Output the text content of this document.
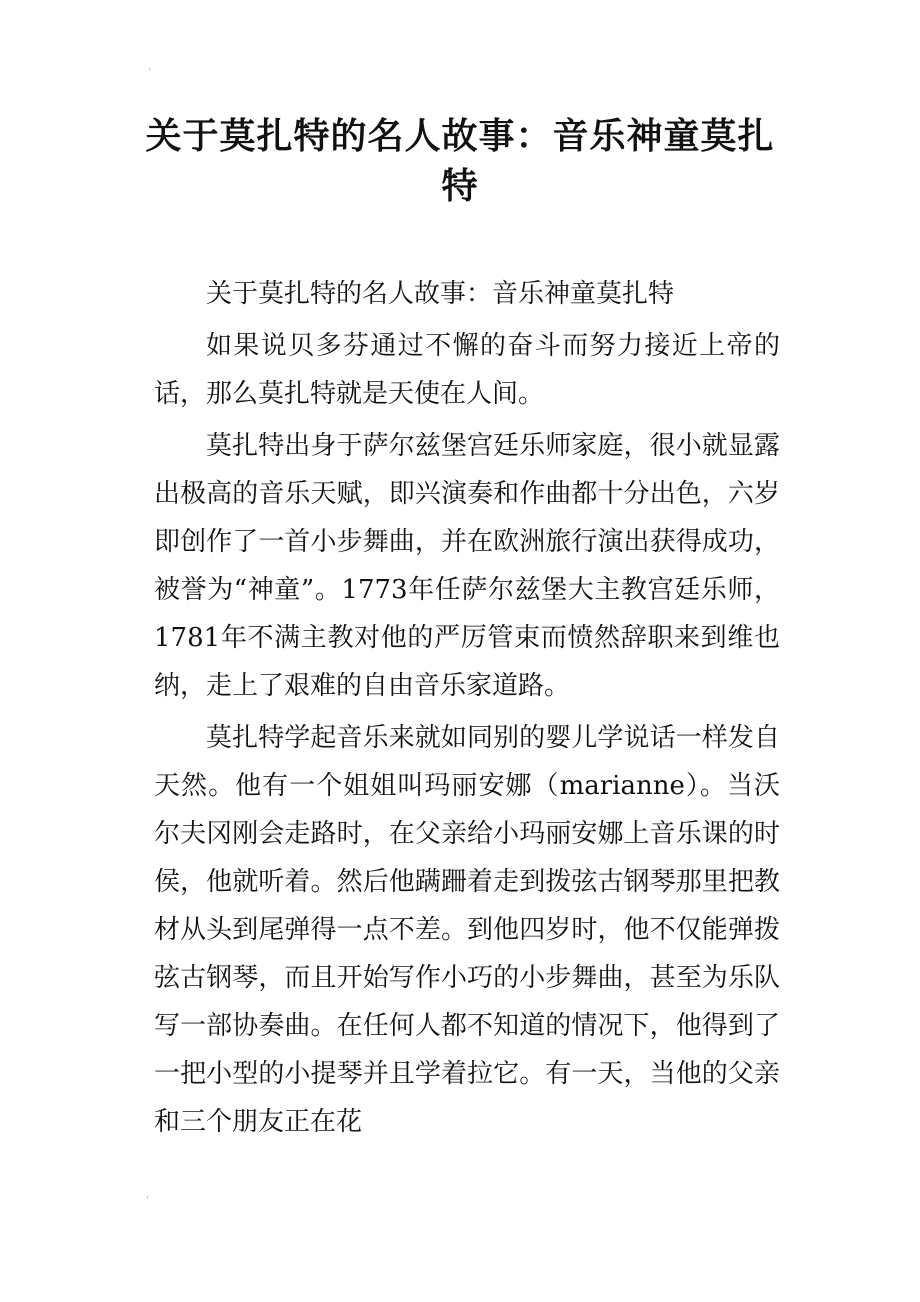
'
关于莫扎特的名人故事：音乐神童莫扎特

关于莫扎特的名人故事：音乐神童莫扎特

如果说贝多芬通过不懈的奋斗而努力接近上帝的话，那么莫扎特就是天使在人间。

莫扎特出身于萨尔兹堡宫廷乐师家庭，很小就显露出极高的音乐天赋，即兴演奏和作曲都十分出色，六岁即创作了一首小步舞曲，并在欧洲旅行演出获得成功，被誉为“神童”。1773年任萨尔兹堡大主教宫廷乐师，1781年不满主教对他的严厉管束而愤然辞职来到维也纳，走上了艰难的自由音乐家道路。

莫扎特学起音乐来就如同别的婴儿学说话一样发自天然。他有一个姐姐叫玛丽安娜（marianne）。当沃尔夫冈刚会走路时，在父亲给小玛丽安娜上音乐课的时侯，他就听着。然后他蹒跚着走到拨弦古钢琴那里把教材从头到尾弹得一点不差。到他四岁时，他不仅能弹拨弦古钢琴，而且开始写作小巧的小步舞曲，甚至为乐队写一部协奏曲。在任何人都不知道的情况下，他得到了一把小型的小提琴并且学着拉它。有一天，当他的父亲和三个朋友正在花

'
